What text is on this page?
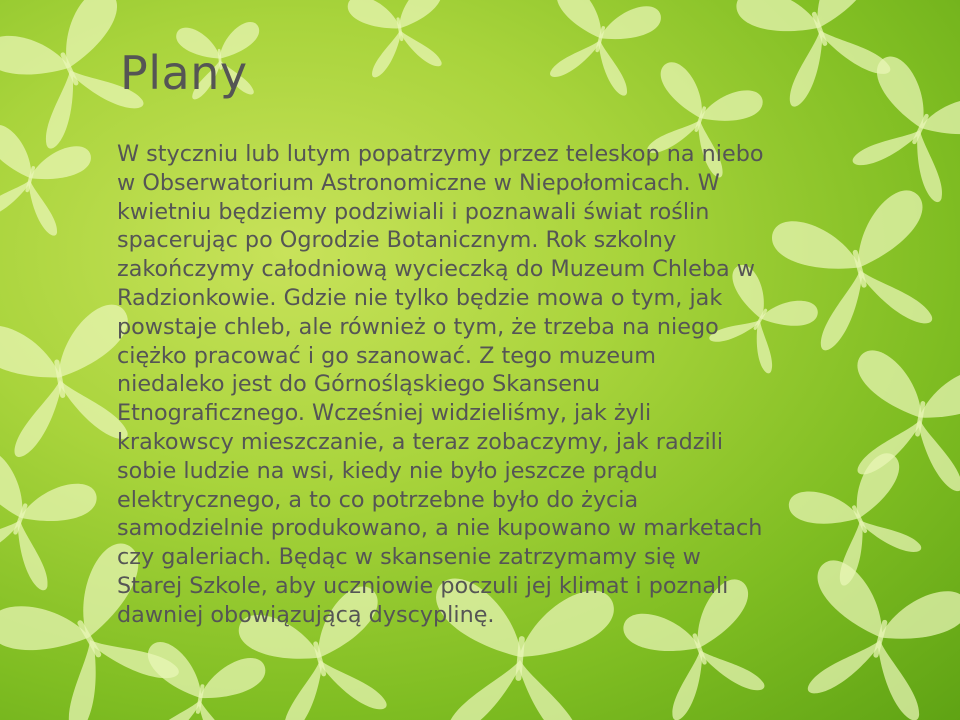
Plany

W styczniu lub lutym popatrzymy przez teleskop na niebo
w Obserwatorium Astronomiczne w Niepołomicach. W
kwietniu będziemy podziwiali i poznawali świat roślin
spacerując po Ogrodzie Botanicznym. Rok szkolny
zakończymy całodniową wycieczką do Muzeum Chleba w
Radzionkowie. Gdzie nie tylko będzie mowa o tym, jak
powstaje chleb, ale również o tym, że trzeba na niego
ciężko pracować i go szanować. Z tego muzeum
niedaleko jest do Górnośląskiego Skansenu
Etnograficznego. Wcześniej widzieliśmy, jak żyli
krakowscy mieszczanie, a teraz zobaczymy, jak radzili
sobie ludzie na wsi, kiedy nie było jeszcze prądu
elektrycznego, a to co potrzebne było do życia
samodzielnie produkowano, a nie kupowano w marketach
czy galeriach. Będąc w skansenie zatrzymamy się w
Starej Szkole, aby uczniowie poczuli jej klimat i poznali
dawniej obowiązującą dyscyplinę.
